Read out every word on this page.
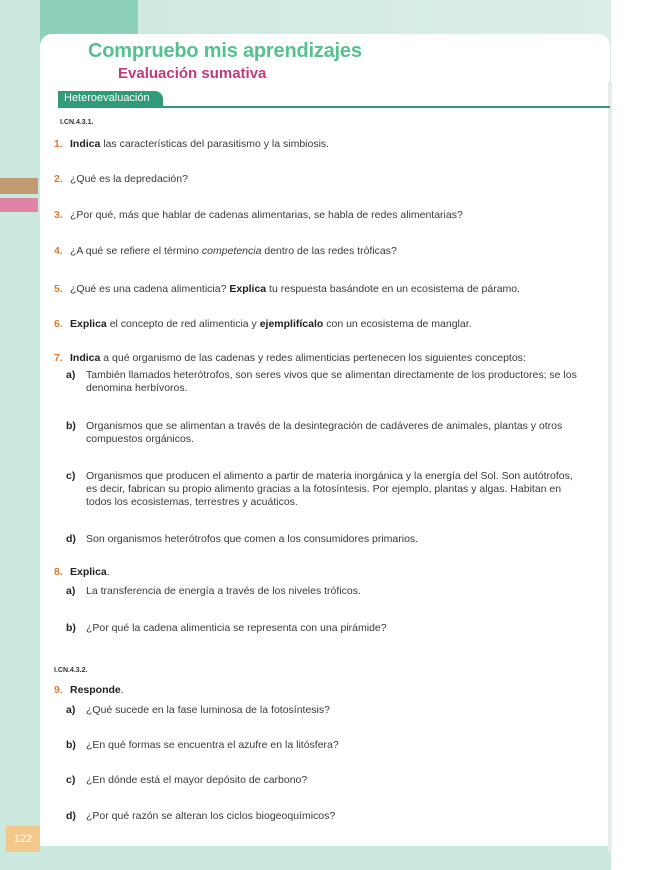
Compruebo mis aprendizajes
Evaluación sumativa
Heteroevaluación
I.CN.4.3.1.
1. Indica las características del parasitismo y la simbiosis.
2. ¿Qué es la depredación?
3. ¿Por qué, más que hablar de cadenas alimentarias, se habla de redes alimentarias?
4. ¿A qué se refiere el término competencia dentro de las redes tróficas?
5. ¿Qué es una cadena alimenticia? Explica tu respuesta basándote en un ecosistema de páramo.
6. Explica el concepto de red alimenticia y ejemplifícalo con un ecosistema de manglar.
7. Indica a qué organismo de las cadenas y redes alimenticias pertenecen los siguientes conceptos:
a)	También llamados heterótrofos, son seres vivos que se alimentan directamente de los productores; se los denomina herbívoros.
b) Organismos que se alimentan a través de la desintegración de cadáveres de animales, plantas y otros compuestos orgánicos.
c)	Organismos que producen el alimento a partir de materia inorgánica y la energía del Sol. Son autótrofos, es decir, fabrican su propio alimento gracias a la fotosíntesis. Por ejemplo, plantas y algas. Habitan en todos los ecosistemas, terrestres y acuáticos.
d) Son organismos heterótrofos que comen a los consumidores primarios.
8. Explica.
a)	La transferencia de energía a través de los niveles tróficos.
b) ¿Por qué la cadena alimenticia se representa con una pirámide?
I.CN.4.3.2.
9. Responde.
a)	¿Qué sucede en la fase luminosa de la fotosíntesis?
b) ¿En qué formas se encuentra el azufre en la litósfera?
c)	¿En dónde está el mayor depósito de carbono?
d) ¿Por qué razón se alteran los ciclos biogeoquímicos?
122
